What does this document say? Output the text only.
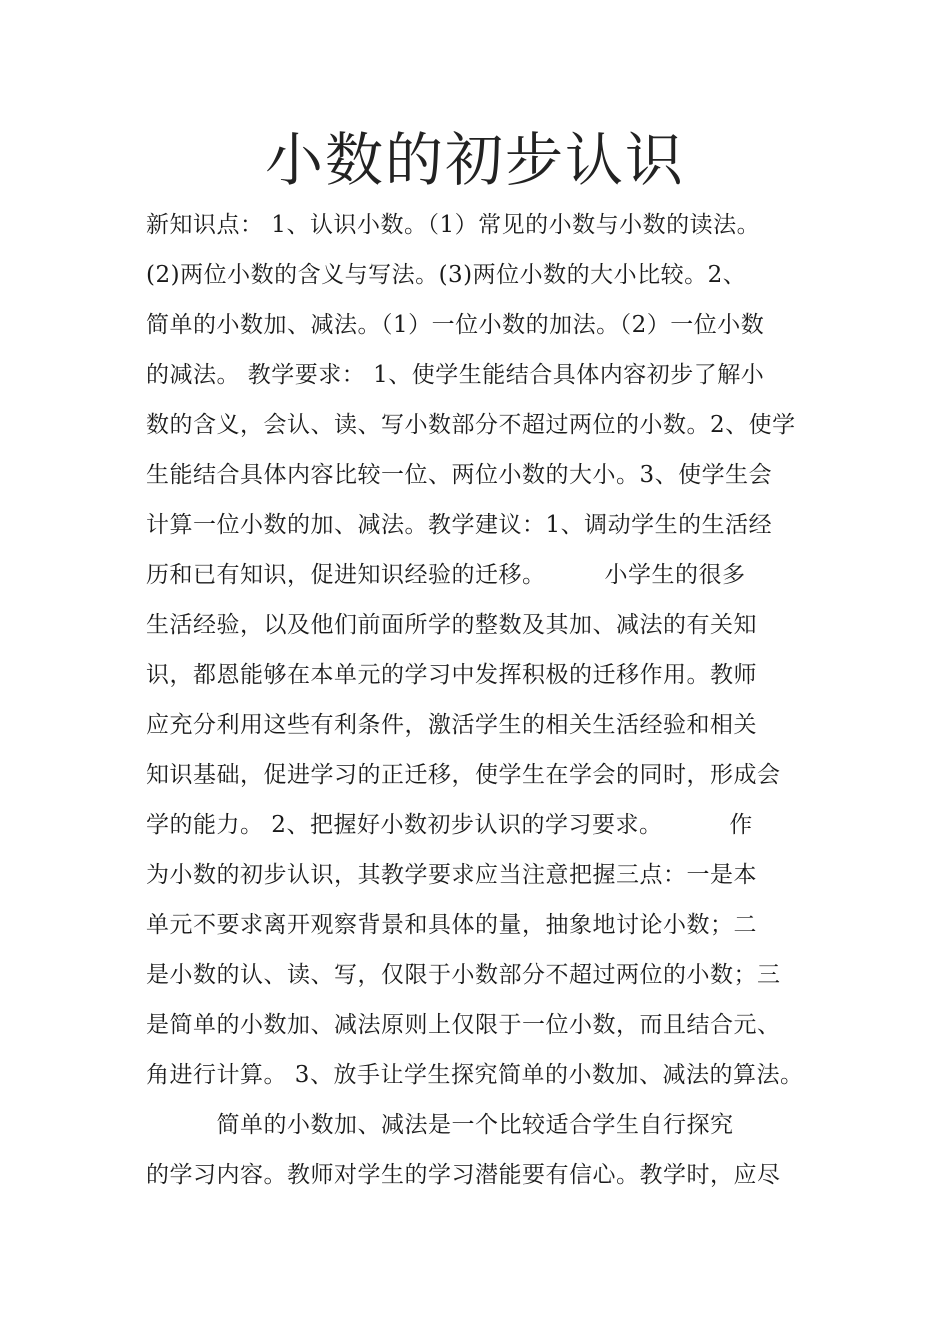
小数的初步认识
新知识点： 1、认识小数。（1）常见的小数与小数的读法。
(2)两位小数的含义与写法。(3)两位小数的大小比较。2、
简单的小数加、减法。（1）一位小数的加法。（2）一位小数
的减法。 教学要求： 1、使学生能结合具体内容初步了解小
数的含义，会认、读、写小数部分不超过两位的小数。2、使学
生能结合具体内容比较一位、两位小数的大小。3、使学生会
计算一位小数的加、减法。教学建议：1、调动学生的生活经
历和已有知识，促进知识经验的迁移。　　　小学生的很多
生活经验，以及他们前面所学的整数及其加、减法的有关知
识，都恩能够在本单元的学习中发挥积极的迁移作用。教师
应充分利用这些有利条件，激活学生的相关生活经验和相关
知识基础，促进学习的正迁移，使学生在学会的同时，形成会
学的能力。 2、把握好小数初步认识的学习要求。　　　 作
为小数的初步认识，其教学要求应当注意把握三点：一是本
单元不要求离开观察背景和具体的量，抽象地讨论小数；二
是小数的认、读、写，仅限于小数部分不超过两位的小数；三
是简单的小数加、减法原则上仅限于一位小数，而且结合元、
角进行计算。 3、放手让学生探究简单的小数加、减法的算法。
　　　简单的小数加、减法是一个比较适合学生自行探究
的学习内容。教师对学生的学习潜能要有信心。教学时，应尽
